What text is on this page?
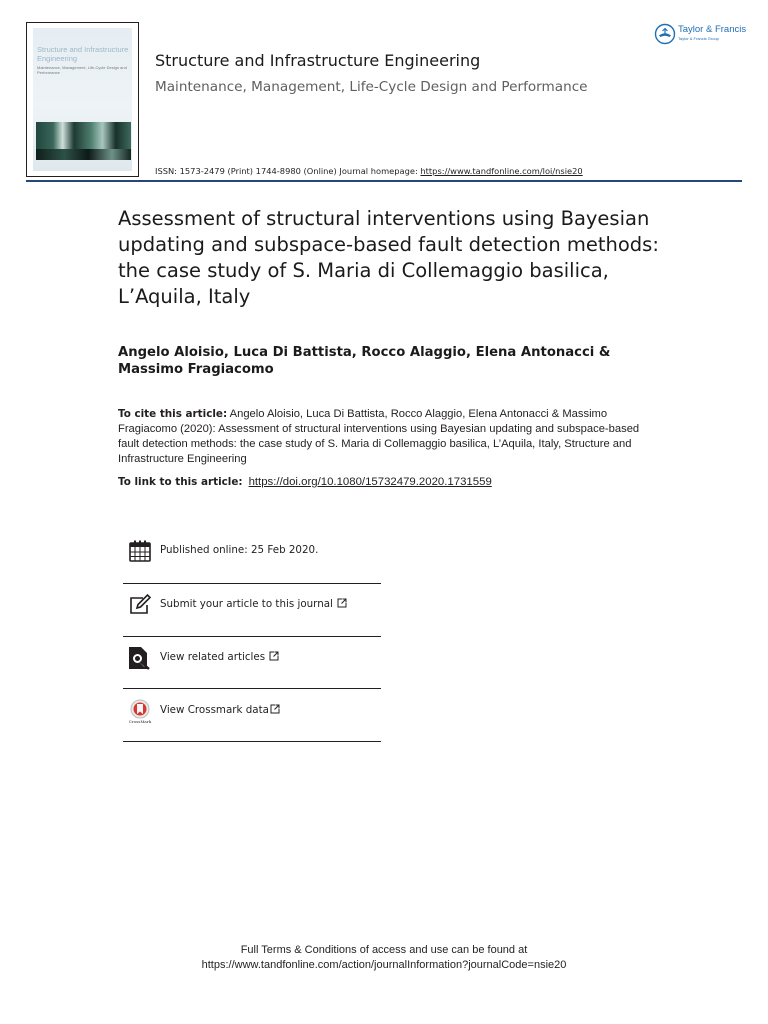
Structure and Infrastructure Engineering
Maintenance, Management, Life-Cycle Design and Performance
Structure and Infrastructure Engineering
Maintenance, Management, Life-Cycle Design and Performance
ISSN: 1573-2479 (Print) 1744-8980 (Online) Journal homepage: https://www.tandfonline.com/loi/nsie20
Taylor & Francis
Taylor & Francis Group
Assessment of structural interventions using Bayesian updating and subspace-based fault detection methods: the case study of S. Maria di Collemaggio basilica, L’Aquila, Italy
Angelo Aloisio, Luca Di Battista, Rocco Alaggio, Elena Antonacci & Massimo Fragiacomo
To cite this article: Angelo Aloisio, Luca Di Battista, Rocco Alaggio, Elena Antonacci & Massimo Fragiacomo (2020): Assessment of structural interventions using Bayesian updating and subspace-based fault detection methods: the case study of S. Maria di Collemaggio basilica, L’Aquila, Italy, Structure and Infrastructure Engineering
To link to this article: https://doi.org/10.1080/15732479.2020.1731559
Published online: 25 Feb 2020.
Submit your article to this journal
View related articles
CrossMark
View Crossmark data
Full Terms & Conditions of access and use can be found at
https://www.tandfonline.com/action/journalInformation?journalCode=nsie20
